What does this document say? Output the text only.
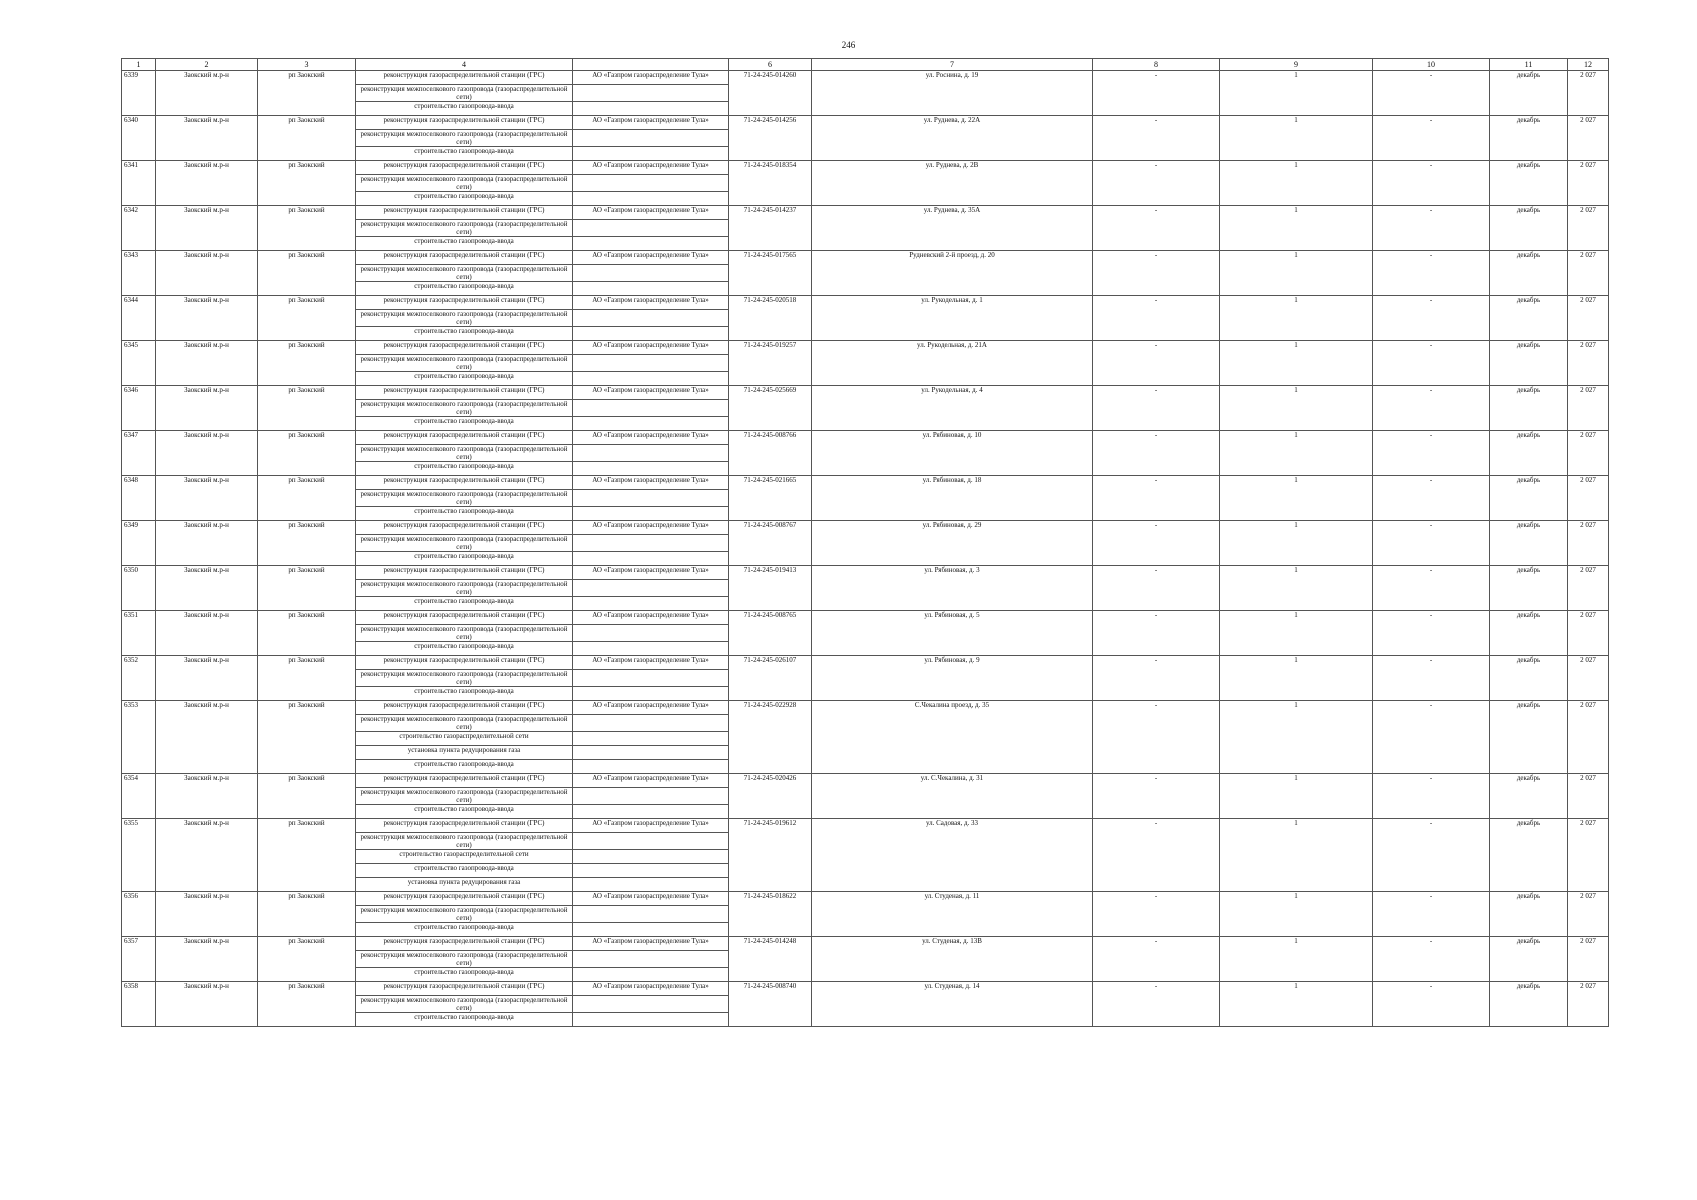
246
1	2	3	4		6	7	8	9	10	11	12
6339	Заокский м.р-н	рп Заокский	реконструкция газораспределительной станции (ГРС)	АО «Газпром газораспределение Тула»	71-24-245-014260	ул. Роснина, д. 19	-	1	-	декабрь	2 027
			реконструкция межпоселкового газопровода (газораспределительной сети)								
			строительство газопровода-ввода								
6340	Заокский м.р-н	рп Заокский	реконструкция газораспределительной станции (ГРС)	АО «Газпром газораспределение Тула»	71-24-245-014256	ул. Руднева, д. 22А	-	1	-	декабрь	2 027
			реконструкция межпоселкового газопровода (газораспределительной сети)								
			строительство газопровода-ввода								
6341	Заокский м.р-н	рп Заокский	реконструкция газораспределительной станции (ГРС)	АО «Газпром газораспределение Тула»	71-24-245-018354	ул. Руднева, д. 2В	-	1	-	декабрь	2 027
			реконструкция межпоселкового газопровода (газораспределительной сети)								
			строительство газопровода-ввода								
6342	Заокский м.р-н	рп Заокский	реконструкция газораспределительной станции (ГРС)	АО «Газпром газораспределение Тула»	71-24-245-014237	ул. Руднева, д. 35А	-	1	-	декабрь	2 027
			реконструкция межпоселкового газопровода (газораспределительной сети)								
			строительство газопровода-ввода								
6343	Заокский м.р-н	рп Заокский	реконструкция газораспределительной станции (ГРС)	АО «Газпром газораспределение Тула»	71-24-245-017565	Рудневский 2-й проезд, д. 20	-	1	-	декабрь	2 027
			реконструкция межпоселкового газопровода (газораспределительной сети)								
			строительство газопровода-ввода								
6344	Заокский м.р-н	рп Заокский	реконструкция газораспределительной станции (ГРС)	АО «Газпром газораспределение Тула»	71-24-245-020518	ул. Рукодельная, д. 1	-	1	-	декабрь	2 027
			реконструкция межпоселкового газопровода (газораспределительной сети)								
			строительство газопровода-ввода								
6345	Заокский м.р-н	рп Заокский	реконструкция газораспределительной станции (ГРС)	АО «Газпром газораспределение Тула»	71-24-245-019257	ул. Рукодельная, д. 21А	-	1	-	декабрь	2 027
			реконструкция межпоселкового газопровода (газораспределительной сети)								
			строительство газопровода-ввода								
6346	Заокский м.р-н	рп Заокский	реконструкция газораспределительной станции (ГРС)	АО «Газпром газораспределение Тула»	71-24-245-025669	ул. Рукодельная, д. 4	-	1	-	декабрь	2 027
			реконструкция межпоселкового газопровода (газораспределительной сети)								
			строительство газопровода-ввода								
6347	Заокский м.р-н	рп Заокский	реконструкция газораспределительной станции (ГРС)	АО «Газпром газораспределение Тула»	71-24-245-008766	ул. Рябиновая, д. 10	-	1	-	декабрь	2 027
			реконструкция межпоселкового газопровода (газораспределительной сети)								
			строительство газопровода-ввода								
6348	Заокский м.р-н	рп Заокский	реконструкция газораспределительной станции (ГРС)	АО «Газпром газораспределение Тула»	71-24-245-021665	ул. Рябиновая, д. 18	-	1	-	декабрь	2 027
			реконструкция межпоселкового газопровода (газораспределительной сети)								
			строительство газопровода-ввода								
6349	Заокский м.р-н	рп Заокский	реконструкция газораспределительной станции (ГРС)	АО «Газпром газораспределение Тула»	71-24-245-008767	ул. Рябиновая, д. 29	-	1	-	декабрь	2 027
			реконструкция межпоселкового газопровода (газораспределительной сети)								
			строительство газопровода-ввода								
6350	Заокский м.р-н	рп Заокский	реконструкция газораспределительной станции (ГРС)	АО «Газпром газораспределение Тула»	71-24-245-019413	ул. Рябиновая, д. 3	-	1	-	декабрь	2 027
			реконструкция межпоселкового газопровода (газораспределительной сети)								
			строительство газопровода-ввода								
6351	Заокский м.р-н	рп Заокский	реконструкция газораспределительной станции (ГРС)	АО «Газпром газораспределение Тула»	71-24-245-008765	ул. Рябиновая, д. 5	-	1	-	декабрь	2 027
			реконструкция межпоселкового газопровода (газораспределительной сети)								
			строительство газопровода-ввода								
6352	Заокский м.р-н	рп Заокский	реконструкция газораспределительной станции (ГРС)	АО «Газпром газораспределение Тула»	71-24-245-026107	ул. Рябиновая, д. 9	-	1	-	декабрь	2 027
			реконструкция межпоселкового газопровода (газораспределительной сети)								
			строительство газопровода-ввода								
6353	Заокский м.р-н	рп Заокский	реконструкция газораспределительной станции (ГРС)	АО «Газпром газораспределение Тула»	71-24-245-022928	С.Чекалина проезд, д. 35	-	1	-	декабрь	2 027
			реконструкция межпоселкового газопровода (газораспределительной сети)								
			строительство газораспределительной сети								
			установка пункта редуцирования газа								
			строительство газопровода-ввода								
6354	Заокский м.р-н	рп Заокский	реконструкция газораспределительной станции (ГРС)	АО «Газпром газораспределение Тула»	71-24-245-020426	ул. С.Чекалина, д. 31	-	1	-	декабрь	2 027
			реконструкция межпоселкового газопровода (газораспределительной сети)								
			строительство газопровода-ввода								
6355	Заокский м.р-н	рп Заокский	реконструкция газораспределительной станции (ГРС)	АО «Газпром газораспределение Тула»	71-24-245-019612	ул. Садовая, д. 33	-	1	-	декабрь	2 027
			реконструкция межпоселкового газопровода (газораспределительной сети)								
			строительство газораспределительной сети								
			строительство газопровода-ввода								
			установка пункта редуцирования газа								
6356	Заокский м.р-н	рп Заокский	реконструкция газораспределительной станции (ГРС)	АО «Газпром газораспределение Тула»	71-24-245-018622	ул. Студеная, д. 11	-	1	-	декабрь	2 027
			реконструкция межпоселкового газопровода (газораспределительной сети)								
			строительство газопровода-ввода								
6357	Заокский м.р-н	рп Заокский	реконструкция газораспределительной станции (ГРС)	АО «Газпром газораспределение Тула»	71-24-245-014248	ул. Студеная, д. 13В	-	1	-	декабрь	2 027
			реконструкция межпоселкового газопровода (газораспределительной сети)								
			строительство газопровода-ввода								
6358	Заокский м.р-н	рп Заокский	реконструкция газораспределительной станции (ГРС)	АО «Газпром газораспределение Тула»	71-24-245-008740	ул. Студеная, д. 14	-	1	-	декабрь	2 027
			реконструкция межпоселкового газопровода (газораспределительной сети)								
			строительство газопровода-ввода								
